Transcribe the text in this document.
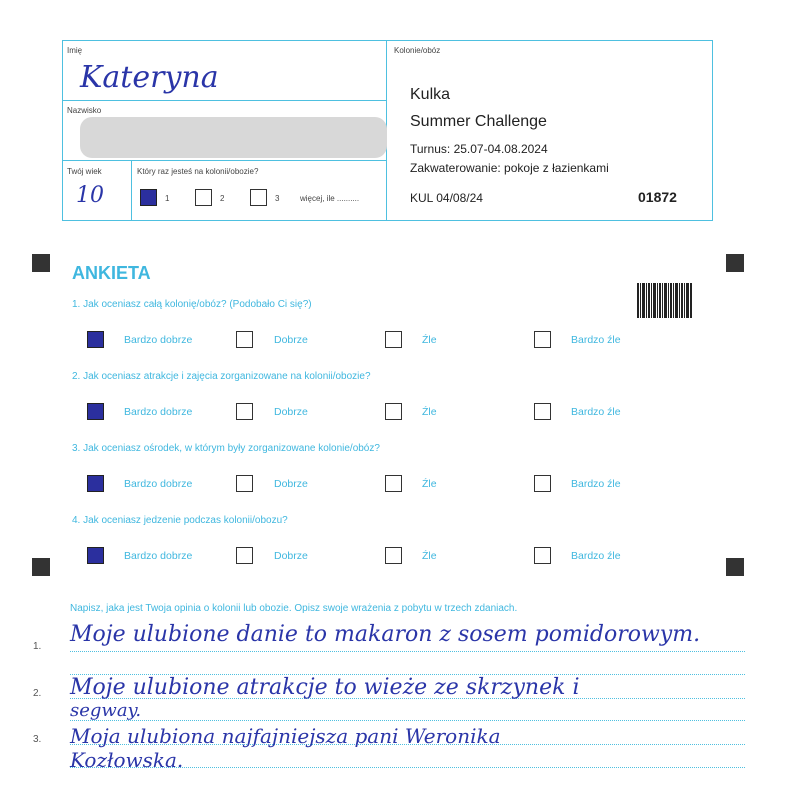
Imię
Kateryna
Nazwisko
Twój wiek
10
Który raz jesteś na kolonii/obozie?
1	2	3	więcej, ile ..........
Kolonie/obóz
Kulka
Summer Challenge
Turnus: 25.07-04.08.2024
Zakwaterowanie: pokoje z łazienkami
KUL 04/08/24	01872
ANKIETA
1. Jak oceniasz całą kolonię/obóz? (Podobało Ci się?)
Bardzo dobrze	Dobrze	Źle	Bardzo źle
2. Jak oceniasz atrakcje i zajęcia zorganizowane na kolonii/obozie?
Bardzo dobrze	Dobrze	Źle	Bardzo źle
3. Jak oceniasz ośrodek, w którym były zorganizowane kolonie/obóz?
Bardzo dobrze	Dobrze	Źle	Bardzo źle
4. Jak oceniasz jedzenie podczas kolonii/obozu?
Bardzo dobrze	Dobrze	Źle	Bardzo źle
Napisz, jaka jest Twoja opinia o kolonii lub obozie. Opisz swoje wrażenia z pobytu w trzech zdaniach.
1.
2.
3.
Moje ulubione danie to makaron z sosem pomidorowym.
Moje ulubione atrakcje to wieże ze skrzynek i
segway.
Moja ulubiona najfajniejsza pani Weronika
Kozłowska.
